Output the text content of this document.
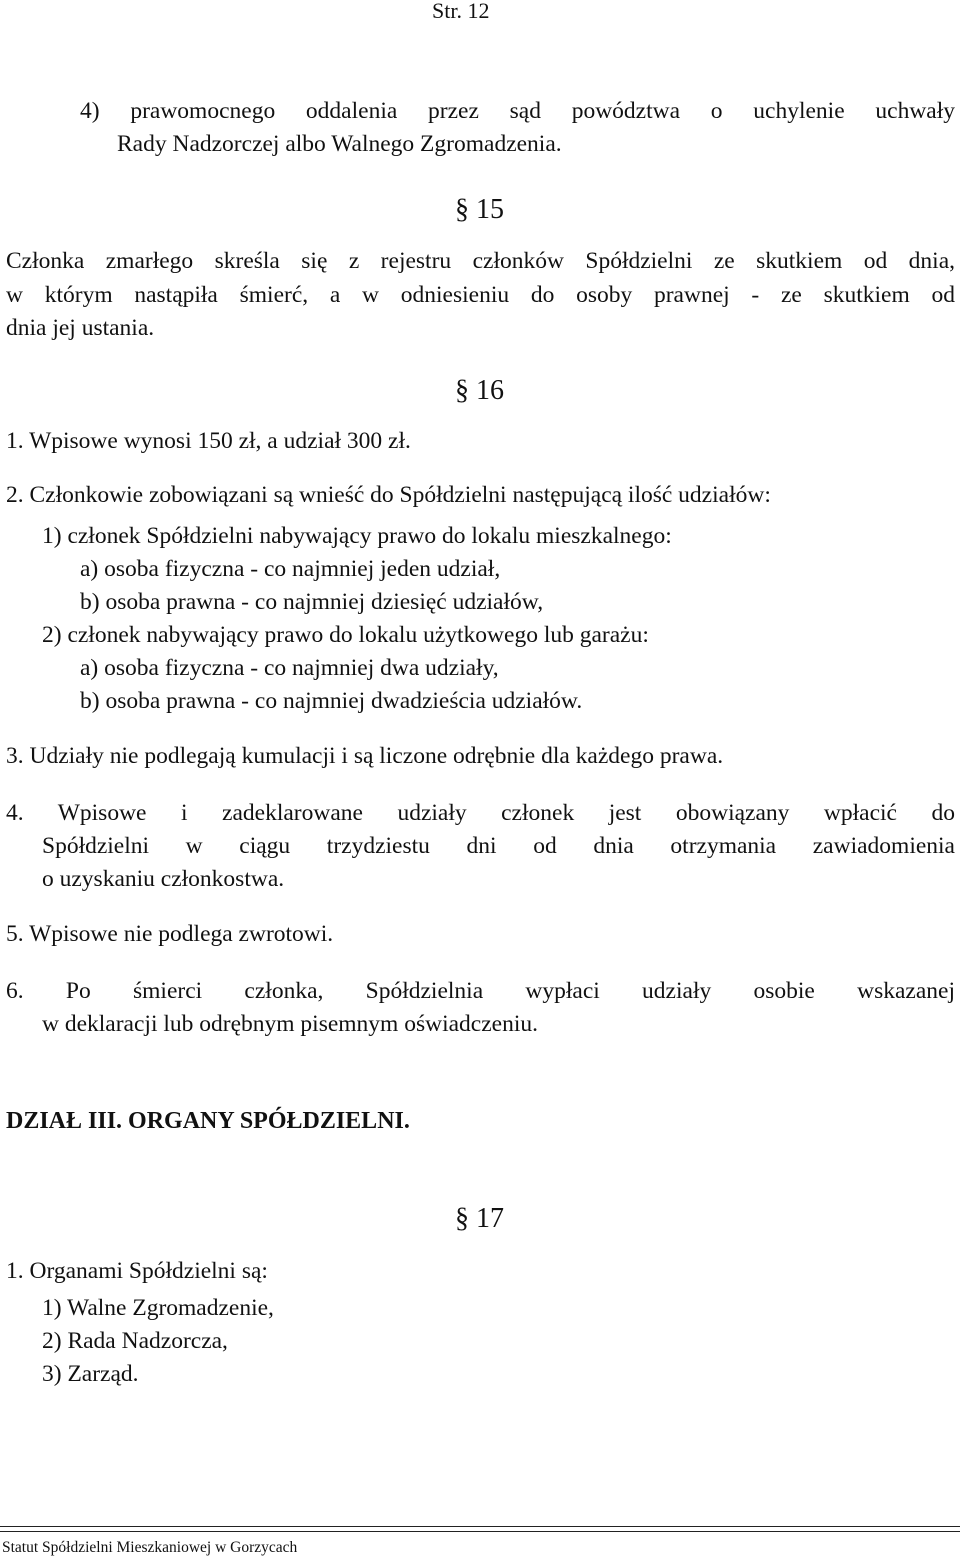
Str. 12
4) prawomocnego oddalenia przez sąd powództwa o uchylenie uchwały
Rady Nadzorczej albo Walnego Zgromadzenia.
§ 15
Członka zmarłego skreśla się z rejestru członków Spółdzielni ze skutkiem od dnia,
w którym nastąpiła śmierć, a w odniesieniu do osoby prawnej - ze skutkiem od
dnia jej ustania.
§ 16
1. Wpisowe wynosi 150 zł, a udział 300 zł.
2. Członkowie zobowiązani są wnieść do Spółdzielni następującą ilość udziałów:
1) członek Spółdzielni nabywający prawo do lokalu mieszkalnego:
a) osoba fizyczna - co najmniej jeden udział,
b) osoba prawna - co najmniej dziesięć udziałów,
2) członek nabywający prawo do lokalu użytkowego lub garażu:
a) osoba fizyczna - co najmniej dwa udziały,
b) osoba prawna - co najmniej dwadzieścia udziałów.
3. Udziały nie podlegają kumulacji i są liczone odrębnie dla każdego prawa.
4. Wpisowe i zadeklarowane udziały członek jest obowiązany wpłacić do
Spółdzielni w ciągu trzydziestu dni od dnia otrzymania zawiadomienia
o uzyskaniu członkostwa.
5. Wpisowe nie podlega zwrotowi.
6. Po śmierci członka, Spółdzielnia wypłaci udziały osobie wskazanej
w deklaracji lub odrębnym pisemnym oświadczeniu.
DZIAŁ III. ORGANY SPÓŁDZIELNI.
§ 17
1. Organami Spółdzielni są:
1) Walne Zgromadzenie,
2) Rada Nadzorcza,
3) Zarząd.
Statut Spółdzielni Mieszkaniowej w Gorzycach
